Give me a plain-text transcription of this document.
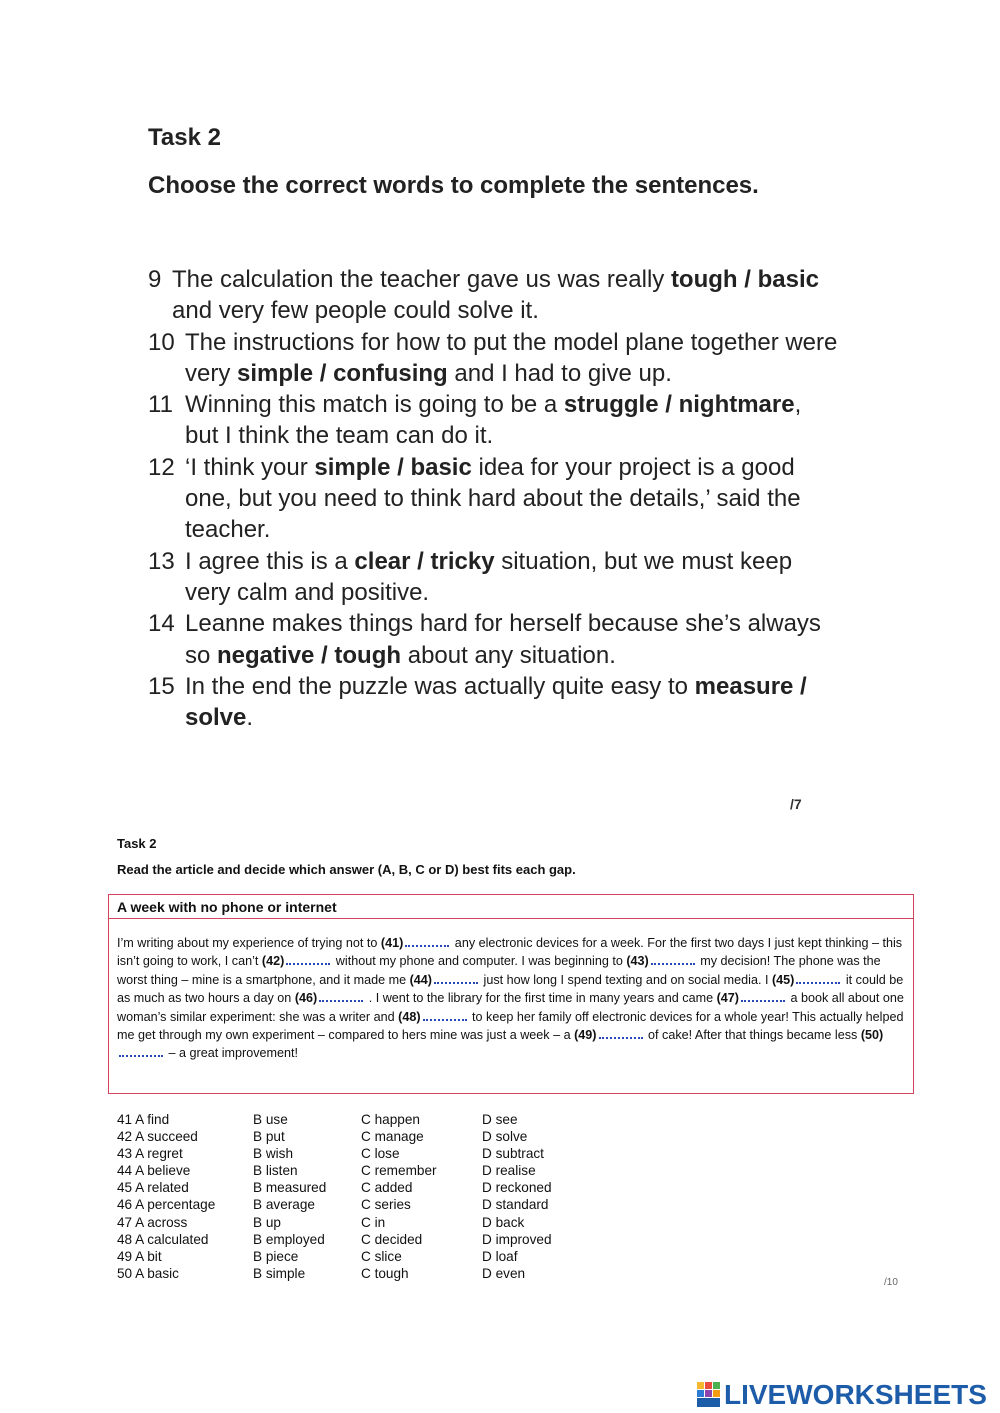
Task 2
Choose the correct words to complete the sentences.
9 The calculation the teacher gave us was really tough / basic and very few people could solve it.
10 The instructions for how to put the model plane together were very simple / confusing and I had to give up.
11 Winning this match is going to be a struggle / nightmare, but I think the team can do it.
12 ‘I think your simple / basic idea for your project is a good one, but you need to think hard about the details,’ said the teacher.
13 I agree this is a clear / tricky situation, but we must keep very calm and positive.
14 Leanne makes things hard for herself because she’s always so negative / tough about any situation.
15 In the end the puzzle was actually quite easy to measure / solve.
/7
Task 2
Read the article and decide which answer (A, B, C or D) best fits each gap.
A week with no phone or internet
I’m writing about my experience of trying not to (41)	any electronic devices for a week. For the first two days I just kept thinking – this isn’t going to work, I can’t (42)	without my phone and computer. I was beginning to (43)	my decision! The phone was the worst thing – mine is a smartphone, and it made me (44)	just how long I spend texting and on social media. I (45)	it could be as much as two hours a day on (46)	. I went to the library for the first time in many years and came (47)	a book all about one woman’s similar experiment: she was a writer and (48)	to keep her family off electronic devices for a whole year! This actually helped me get through my own experiment – compared to hers mine was just a week – a (49)	of cake! After that things became less (50) – a great improvement!
41 A find	B use	C happen	D see
42 A succeed	B put	C manage	D solve
43 A regret	B wish	C lose	D subtract
44 A believe	B listen	C remember	D realise
45 A related	B measured	C added	D reckoned
46 A percentage	B average	C series	D standard
47 A across	B up	C in	D back
48 A calculated	B employed	C decided	D improved
49 A bit	B piece	C slice	D loaf
50 A basic	B simple	C tough	D even
/10
LIVEWORKSHEETS
